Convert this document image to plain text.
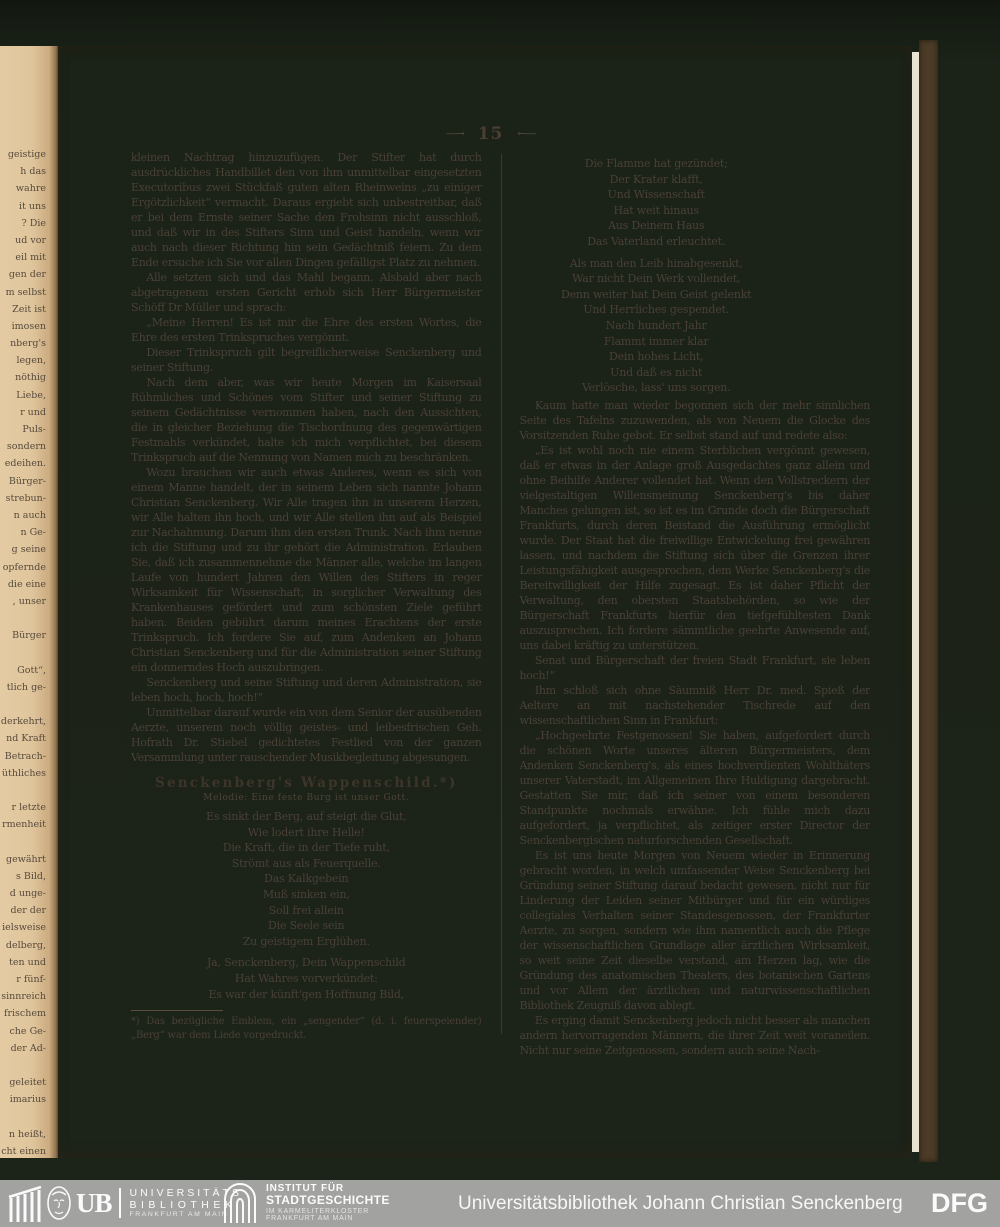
geistige
h das
wahre
it uns
? Die
ud vor
eil mit
gen der
m selbst
Zeit ist
imosen
nberg's
legen,
nöthig
Liebe,
r und
Puls-
sondern
edeihen.
Bürger-
strebun-
n auch
n Ge-
g seine
opfernde
die eine
, unser
Bürger
Gott“,
tlich ge-
derkehrt,
nd Kraft
Betrach-
üthliches
r letzte
rmenheit
gewährt
s Bild,
d unge-
der der
ielsweise
delberg,
ten und
r fünf-
sinnreich
frischem
che Ge-
der Ad-
geleitet
imarius
n heißt,
cht einen
—→ 15 ←—
kleinen Nachtrag hinzuzufügen. Der Stifter hat durch ausdrückliches Handbillet den von ihm unmittelbar eingesetzten Executoribus zwei Stückfaß guten alten Rheinweins „zu einiger Ergötzlichkeit“ vermacht. Daraus ergiebt sich unbestreitbar, daß er bei dem Ernste seiner Sache den Frohsinn nicht ausschloß, und daß wir in des Stifters Sinn und Geist handeln, wenn wir auch nach dieser Richtung hin sein Gedächtniß feiern. Zu dem Ende ersuche ich Sie vor allen Dingen gefälligst Platz zu nehmen.
Alle setzten sich und das Mahl begann. Alsbald aber nach abgetragenem ersten Gericht erhob sich Herr Bürgermeister Schöff Dr Müller und sprach:
„Meine Herren! Es ist mir die Ehre des ersten Wortes, die Ehre des ersten Trinkspruches vergönnt.
Dieser Trinkspruch gilt begreiflicherweise Senckenberg und seiner Stiftung.
Nach dem aber, was wir heute Morgen im Kaisersaal Rühmliches und Schönes vom Stifter und seiner Stiftung zu seinem Gedächtnisse vernommen haben, nach den Aussichten, die in gleicher Beziehung die Tischordnung des gegenwärtigen Festmahls verkündet, halte ich mich verpflichtet, bei diesem Trinkspruch auf die Nennung von Namen mich zu beschränken.
Wozu brauchen wir auch etwas Anderes, wenn es sich von einem Manne handelt, der in seinem Leben sich nannte Johann Christian Senckenberg. Wir Alle tragen ihn in unserem Herzen, wir Alle halten ihn hoch, und wir Alle stellen ihn auf als Beispiel zur Nachahmung. Darum ihm den ersten Trunk. Nach ihm nenne ich die Stiftung und zu ihr gehört die Administration. Erlauben Sie, daß ich zusammennehme die Männer alle, welche im langen Laufe von hundert Jahren den Willen des Stifters in reger Wirksamkeit für Wissenschaft, in sorglicher Verwaltung des Krankenhauses gefördert und zum schönsten Ziele geführt haben. Beiden gebührt darum meines Erachtens der erste Trinkspruch. Ich fordere Sie auf, zum Andenken an Johann Christian Senckenberg und für die Administration seiner Stiftung ein donnerndes Hoch auszubringen.
Senckenberg und seine Stiftung und deren Administration, sie leben hoch, hoch, hoch!“
Unmittelbar darauf wurde ein von dem Senior der ausübenden Aerzte, unserem noch völlig geistes- und leibesfrischen Geh. Hofrath Dr. Stiebel gedichtetes Festlied von der ganzen Versammlung unter rauschender Musikbegleitung abgesungen.
Senckenberg's Wappenschild.*)
Melodie: Eine feste Burg ist unser Gott.
Es sinkt der Berg, auf steigt die Glut,
Wie lodert ihre Helle!
Die Kraft, die in der Tiefe ruht,
Strömt aus als Feuerquelle.
Das Kalkgebein
Muß sinken ein,
Soll frei allein
Die Seele sein
Zu geistigem Erglühen.
Ja, Senckenberg, Dein Wappenschild
Hat Wahres vorverkündet:
Es war der künft'gen Hoffnung Bild,
*) Das bezügliche Emblem, ein „sengender“ (d. i. feuerspeiender) „Berg“ war dem Liede vorgedruckt.
Die Flamme hat gezündet;
Der Krater klafft,
Und Wissenschaft
Hat weit hinaus
Aus Deinem Haus
Das Vaterland erleuchtet.
Als man den Leib hinabgesenkt,
War nicht Dein Werk vollendet,
Denn weiter hat Dein Geist gelenkt
Und Herrliches gespendet.
Nach hundert Jahr
Flammt immer klar
Dein hohes Licht,
Und daß es nicht
Verlösche, lass' uns sorgen.
Kaum hatte man wieder begonnen sich der mehr sinnlichen Seite des Tafelns zuzuwenden, als von Neuem die Glocke des Vorsitzenden Ruhe gebot. Er selbst stand auf und redete also:
„Es ist wohl noch nie einem Sterblichen vergönnt gewesen, daß er etwas in der Anlage groß Ausgedachtes ganz allein und ohne Beihilfe Anderer vollendet hat. Wenn den Vollstreckern der vielgestaltigen Willensmeinung Senckenberg's bis daher Manches gelungen ist, so ist es im Grunde doch die Bürgerschaft Frankfurts, durch deren Beistand die Ausführung ermöglicht wurde. Der Staat hat die freiwillige Entwickelung frei gewähren lassen, und nachdem die Stiftung sich über die Grenzen ihrer Leistungsfähigkeit ausgesprochen, dem Werke Senckenberg's die Bereitwilligkeit der Hilfe zugesagt. Es ist daher Pflicht der Verwaltung, den obersten Staatsbehörden, so wie der Bürgerschaft Frankfurts hierfür den tiefgefühltesten Dank auszusprechen. Ich fordere sämmtliche geehrte Anwesende auf, uns dabei kräftig zu unterstützen.
Senat und Bürgerschaft der freien Stadt Frankfurt, sie leben hoch!“
Ihm schloß sich ohne Säumniß Herr Dr. med. Spieß der Aeltere an mit nachstehender Tischrede auf den wissenschaftlichen Sinn in Frankfurt:
„Hochgeehrte Festgenossen! Sie haben, aufgefordert durch die schönen Worte unseres älteren Bürgermeisters, dem Andenken Senckenberg's, als eines hochverdienten Wohlthäters unserer Vaterstadt, im Allgemeinen Ihre Huldigung dargebracht. Gestatten Sie mir, daß ich seiner von einem besonderen Standpunkte nochmals erwähne. Ich fühle mich dazu aufgefordert, ja verpflichtet, als zeitiger erster Director der Senckenbergischen naturforschenden Gesellschaft.
Es ist uns heute Morgen von Neuem wieder in Erinnerung gebracht worden, in welch umfassender Weise Senckenberg bei Gründung seiner Stiftung darauf bedacht gewesen, nicht nur für Linderung der Leiden seiner Mitbürger und für ein würdiges collegiales Verhalten seiner Standesgenossen, der Frankfurter Aerzte, zu sorgen, sondern wie ihm namentlich auch die Pflege der wissenschaftlichen Grundlage aller ärztlichen Wirksamkeit, so weit seine Zeit dieselbe verstand, am Herzen lag, wie die Gründung des anatomischen Theaters, des botanischen Gartens und vor Allem der ärztlichen und naturwissenschaftlichen Bibliothek Zeugniß davon ablegt.
Es erging damit Senckenberg jedoch nicht besser als manchen andern hervorragenden Männern, die ihrer Zeit weit voraneilen. Nicht nur seine Zeitgenossen, sondern auch seine Nach-
UB UNIVERSITÄTS
BIBLIOTHEK
FRANKFURT AM MAIN
INSTITUT FÜR
STADTGESCHICHTE
IM KARMELITERKLOSTER
FRANKFURT AM MAIN
Universitätsbibliothek Johann Christian Senckenberg DFG
